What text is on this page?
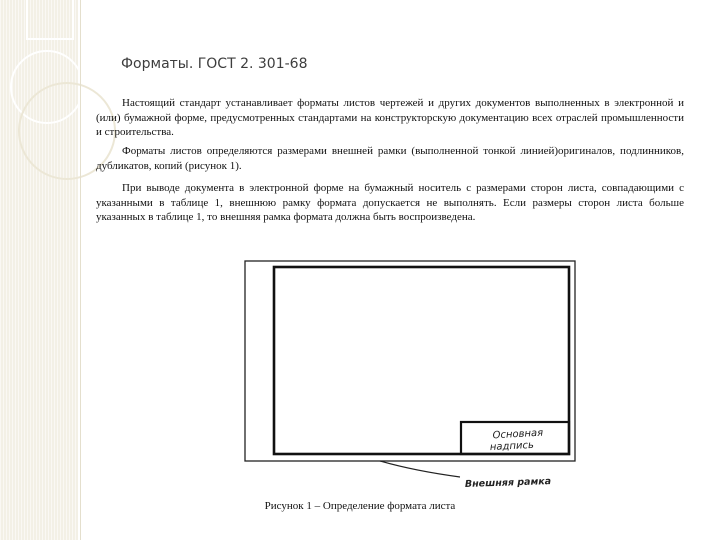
Форматы. ГОСТ 2. 301-68

Настоящий стандарт устанавливает форматы листов чертежей и других документов выполненных в электронной и (или) бумажной форме, предусмотренных стандартами на конструкторскую документацию всех отраслей промышленности и строительства.

Форматы листов определяются размерами внешней рамки (выполненной тонкой линией)оригиналов, подлинников, дубликатов, копий (рисунок 1).

При выводе документа в электронной форме на бумажный носитель с размерами сторон листа, совпадающими с указанными в таблице 1, внешнюю рамку формата допускается не выполнять. Если размеры сторон листа больше указанных в таблице 1, то внешняя рамка формата должна быть воспроизведена.

Основная
надпись
Внешняя рамка
Рисунок 1 – Определение формата листа
